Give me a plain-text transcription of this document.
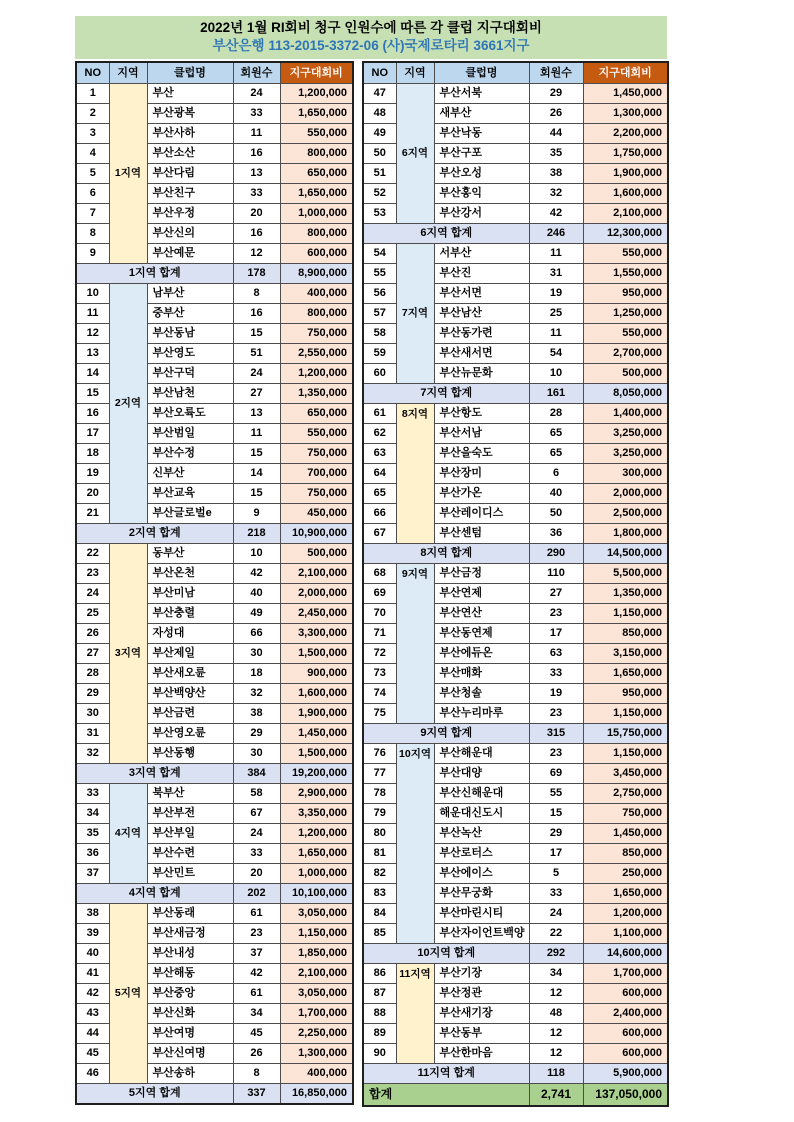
2022년 1월 RI회비 청구 인원수에 따른 각 클럽 지구대회비
부산은행 113-2015-3372-06 (사)국제로타리 3661지구
NO	지역	클럽명	회원수	지구대회비
1	1지역	부산	24	1,200,000
2		부산광복	33	1,650,000
3		부산사하	11	550,000
4		부산소산	16	800,000
5		부산다림	13	650,000
6		부산친구	33	1,650,000
7		부산우정	20	1,000,000
8		부산신의	16	800,000
9		부산예문	12	600,000
1지역 합계			178	8,900,000
10	2지역	남부산	8	400,000
11		중부산	16	800,000
12		부산동남	15	750,000
13		부산영도	51	2,550,000
14		부산구덕	24	1,200,000
15		부산남천	27	1,350,000
16		부산오륙도	13	650,000
17		부산범일	11	550,000
18		부산수정	15	750,000
19		신부산	14	700,000
20		부산교육	15	750,000
21		부산글로벌e	9	450,000
2지역 합계			218	10,900,000
22	3지역	동부산	10	500,000
23		부산온천	42	2,100,000
24		부산미남	40	2,000,000
25		부산충렬	49	2,450,000
26		자성대	66	3,300,000
27		부산제일	30	1,500,000
28		부산새오륜	18	900,000
29		부산백양산	32	1,600,000
30		부산금련	38	1,900,000
31		부산영오륜	29	1,450,000
32		부산동행	30	1,500,000
3지역 합계			384	19,200,000
33	4지역	북부산	58	2,900,000
34		부산부전	67	3,350,000
35		부산부일	24	1,200,000
36		부산수련	33	1,650,000
37		부산민트	20	1,000,000
4지역 합계			202	10,100,000
38	5지역	부산동래	61	3,050,000
39		부산새금정	23	1,150,000
40		부산내성	37	1,850,000
41		부산해동	42	2,100,000
42		부산중앙	61	3,050,000
43		부산신화	34	1,700,000
44		부산여명	45	2,250,000
45		부산신여명	26	1,300,000
46		부산송하	8	400,000
5지역 합계			337	16,850,000
NO	지역	클럽명	회원수	지구대회비
47	6지역	부산서북	29	1,450,000
48		새부산	26	1,300,000
49		부산낙동	44	2,200,000
50		부산구포	35	1,750,000
51		부산오성	38	1,900,000
52		부산홍익	32	1,600,000
53		부산강서	42	2,100,000
6지역 합계			246	12,300,000
54	7지역	서부산	11	550,000
55		부산진	31	1,550,000
56		부산서면	19	950,000
57		부산남산	25	1,250,000
58		부산동가련	11	550,000
59		부산새서면	54	2,700,000
60		부산뉴문화	10	500,000
7지역 합계			161	8,050,000
61	8지역	부산항도	28	1,400,000
62		부산서남	65	3,250,000
63		부산을숙도	65	3,250,000
64		부산장미	6	300,000
65		부산가온	40	2,000,000
66		부산레이디스	50	2,500,000
67		부산센텀	36	1,800,000
8지역 합계			290	14,500,000
68	9지역	부산금정	110	5,500,000
69		부산연제	27	1,350,000
70		부산연산	23	1,150,000
71		부산동연제	17	850,000
72		부산에듀온	63	3,150,000
73		부산매화	33	1,650,000
74		부산청솔	19	950,000
75		부산누리마루	23	1,150,000
9지역 합계			315	15,750,000
76	10지역	부산해운대	23	1,150,000
77		부산대양	69	3,450,000
78		부산신해운대	55	2,750,000
79		해운대신도시	15	750,000
80		부산녹산	29	1,450,000
81		부산로터스	17	850,000
82		부산에이스	5	250,000
83		부산무궁화	33	1,650,000
84		부산마린시티	24	1,200,000
85		부산자이언트백양	22	1,100,000
10지역 합계			292	14,600,000
86	11지역	부산기장	34	1,700,000
87		부산정관	12	600,000
88		부산새기장	48	2,400,000
89		부산동부	12	600,000
90		부산한마음	12	600,000
11지역 합계			118	5,900,000
합계			2,741	137,050,000
